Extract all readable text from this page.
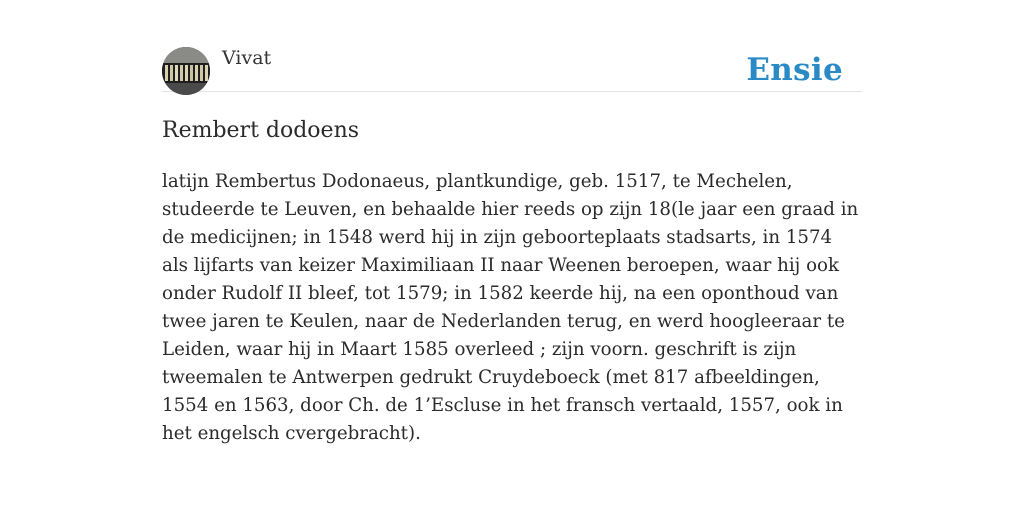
Vivat	Ensie
Rembert dodoens

latijn Rembertus Dodonaeus, plantkundige, geb. 1517, te Mechelen, studeerde te Leuven, en behaalde hier reeds op zijn 18(le jaar een graad in de medicijnen; in 1548 werd hij in zijn geboorteplaats stadsarts, in 1574 als lijfarts van keizer Maximiliaan II naar Weenen beroepen, waar hij ook onder Rudolf II bleef, tot 1579; in 1582 keerde hij, na een oponthoud van twee jaren te Keulen, naar de Nederlanden terug, en werd hoogleeraar te Leiden, waar hij in Maart 1585 overleed ; zijn voorn. geschrift is zijn tweemalen te Antwerpen gedrukt Cruydeboeck (met 817 afbeeldingen, 1554 en 1563, door Ch. de 1’Escluse in het fransch vertaald, 1557, ook in het engelsch cvergebracht).
